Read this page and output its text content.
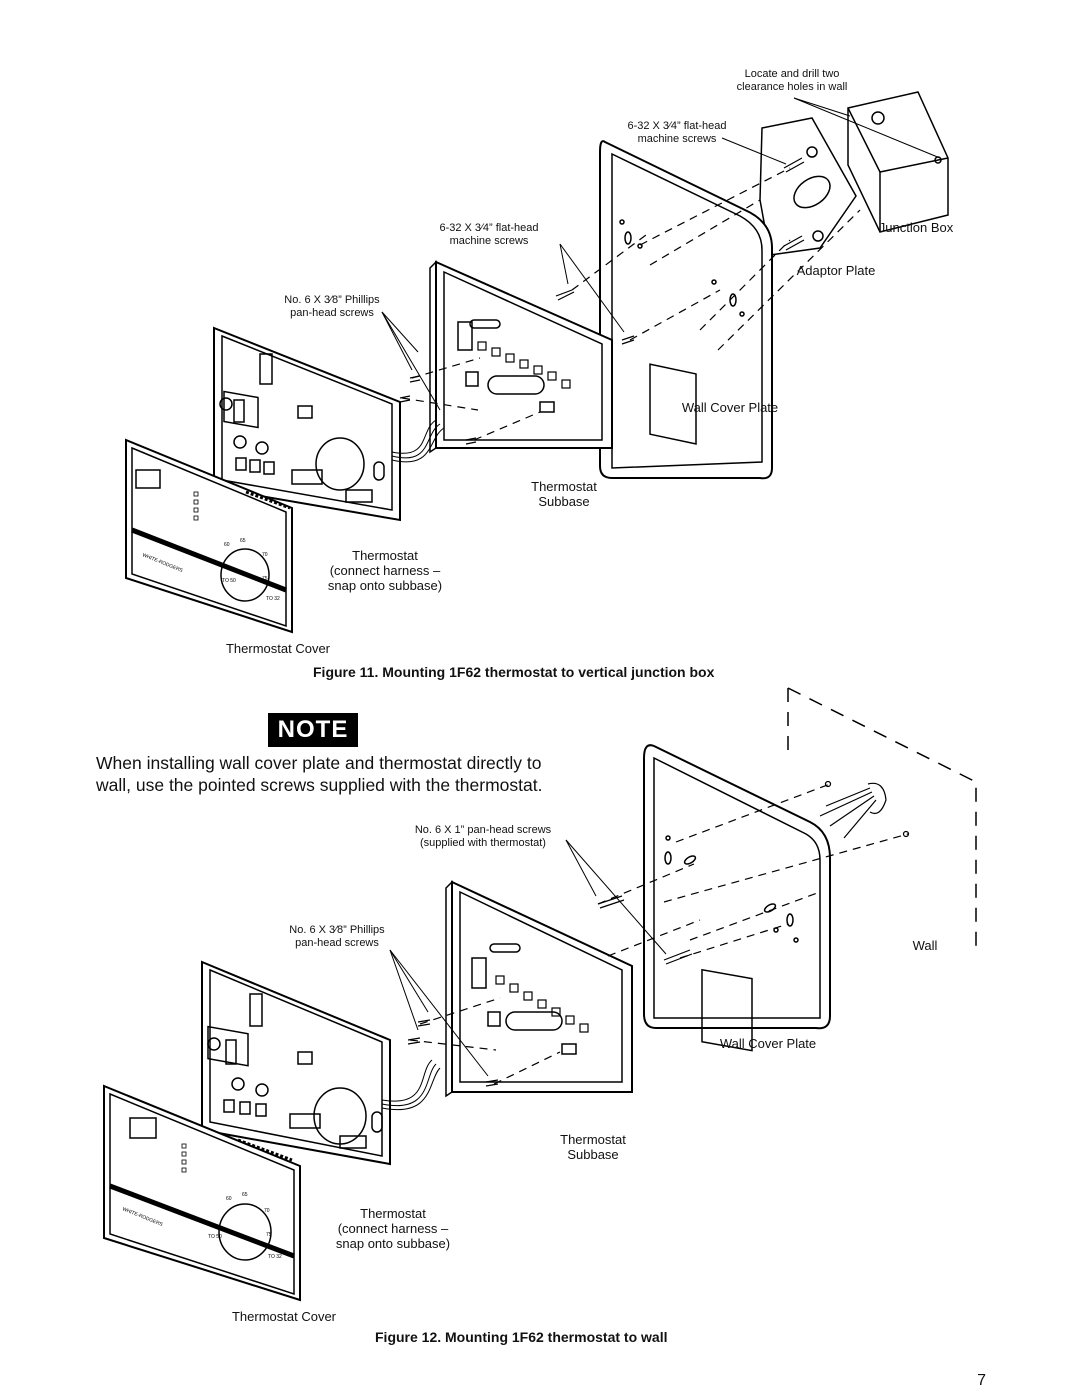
WHITE-RODGERS
60
65
70
75
TO 50
TO 32
Locate and drill two
clearance holes in wall
6-32 X 3⁄4” flat-head
machine screws
6-32 X 3⁄4” flat-head
machine screws
No. 6 X 3⁄8” Phillips
pan-head screws
Junction Box
Adaptor Plate
Wall Cover Plate
Thermostat
Subbase
Thermostat
(connect harness –
snap onto subbase)
Thermostat Cover
Figure 11. Mounting 1F62 thermostat to vertical junction box
NOTE
When installing wall cover plate and thermostat directly to wall, use the pointed screws supplied with the thermostat.
WHITE-RODGERS
60
65
70
75
TO 50
TO 32
No. 6 X 1” pan-head screws
(supplied with thermostat)
No. 6 X 3⁄8” Phillips
pan-head screws	Wall
Wall Cover Plate
Thermostat
Subbase
Thermostat
(connect harness –
snap onto subbase)
Thermostat Cover
Figure 12. Mounting 1F62 thermostat to wall
7
